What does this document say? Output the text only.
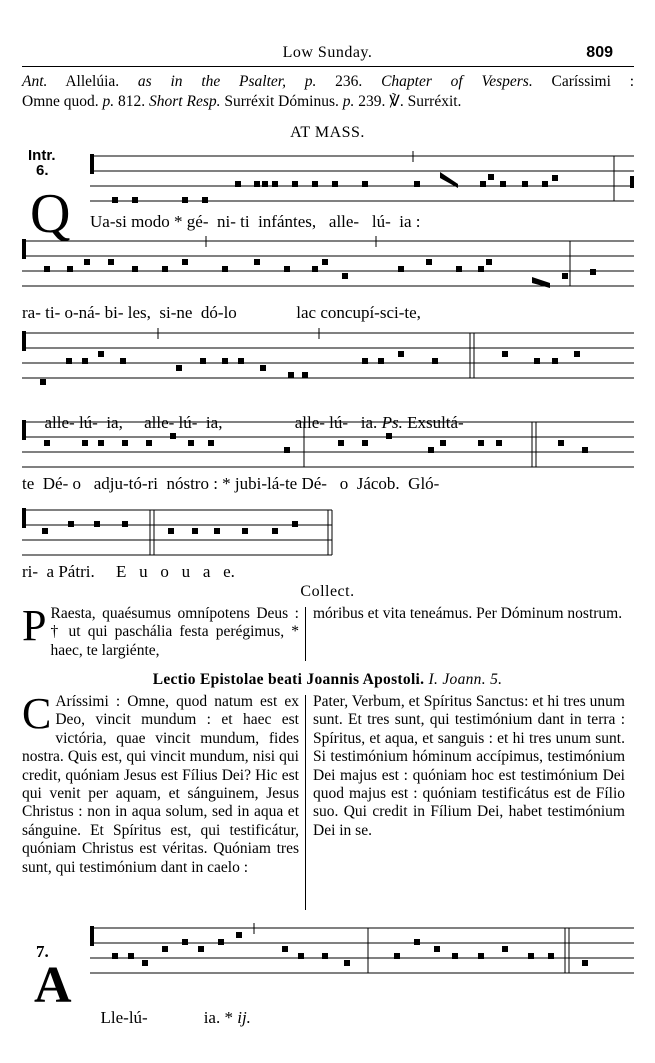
Low Sunday.	809
Ant. Allelúia. as in the Psalter, p. 236. Chapter of Vespers. Caríssimi :
Omne quod. p. 812. Short Resp. Surréxit Dóminus. p. 239. ℣. Surréxit.
AT MASS.
Intr.
6.
Q Ua-si modo * gé-  ni- ti  infántes,   alle-   lú-  ia :
ra- ti- o-ná- bi- les,  si-ne  dó-lo              lac concupí-sci-te,

alle- lú-  ia,     alle- lú-  ia,                 alle- lú-   ia. Ps. Exsultá-

te  Dé- o   adju-tó-ri  nóstro : * jubi-lá-te Dé-   o  Jácob.  Gló-
ri-  a Pátri.     E   u   o   u   a   e.
Collect.
P Raesta, quaésumus omnípotens Deus : † ut qui paschália festa perégimus, * haec, te largiénte,
móribus et vita teneámus. Per Dóminum nostrum.
Lectio Epistolae beati Joannis Apostoli. I. Joann. 5.
C Aríssimi : Omne, quod natum est ex Deo, vincit mundum : et haec est victória, quae vincit mundum, fides nostra. Quis est, qui vincit mundum, nisi qui credit, quóniam Jesus est Fílius Dei? Hic est qui venit per aquam, et sánguinem, Jesus Christus : non in aqua solum, sed in aqua et sánguine. Et Spíritus est, qui testificátur, quóniam Christus est véritas. Quóniam tres sunt, qui testimónium dant in caelo :
Pater, Verbum, et Spíritus Sanctus: et hi tres unum sunt. Et tres sunt, qui testimónium dant in terra : Spíritus, et aqua, et sanguis : et hi tres unum sunt. Si testimónium hóminum accípimus, testimónium Dei majus est : quóniam hoc est testimónium Dei quod majus est : quóniam testificátus est de Fílio suo. Qui credit in Fílium Dei, habet testimónium Dei in se.
7.
A

Lle-lú-	ia. * ij.
